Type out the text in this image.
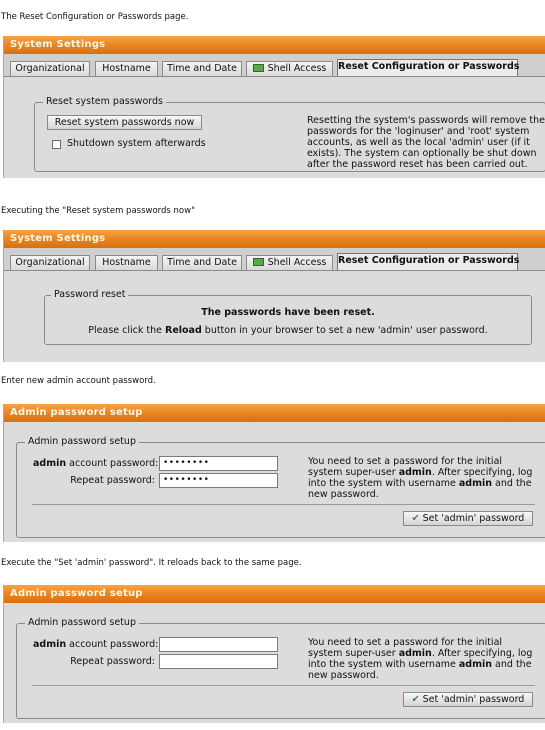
The Reset Configuration or Passwords page.
System Settings
Organizational	Hostname	Time and Date	Shell Access	Reset Configuration or Passwords
Reset system passwords
Reset system passwords now
Shutdown system afterwards
Resetting the system's passwords will remove the
passwords for the 'loginuser' and 'root' system
accounts, as well as the local 'admin' user (if it
exists). The system can optionally be shut down
after the password reset has been carried out.
Executing the "Reset system passwords now"
System Settings
Organizational	Hostname	Time and Date	Shell Access	Reset Configuration or Passwords
Password reset
The passwords have been reset.
Please click the Reload button in your browser to set a new 'admin' user password.
Enter new admin account password.
Admin password setup
Admin password setup
admin account password: ••••••••
Repeat password: ••••••••
You need to set a password for the initial
system super-user admin. After specifying, log
into the system with username admin and the
new password.
✔ Set 'admin' password
Execute the "Set 'admin' password". It reloads back to the same page.
Admin password setup
Admin password setup
admin account password:
Repeat password:
You need to set a password for the initial
system super-user admin. After specifying, log
into the system with username admin and the
new password.
✔ Set 'admin' password
